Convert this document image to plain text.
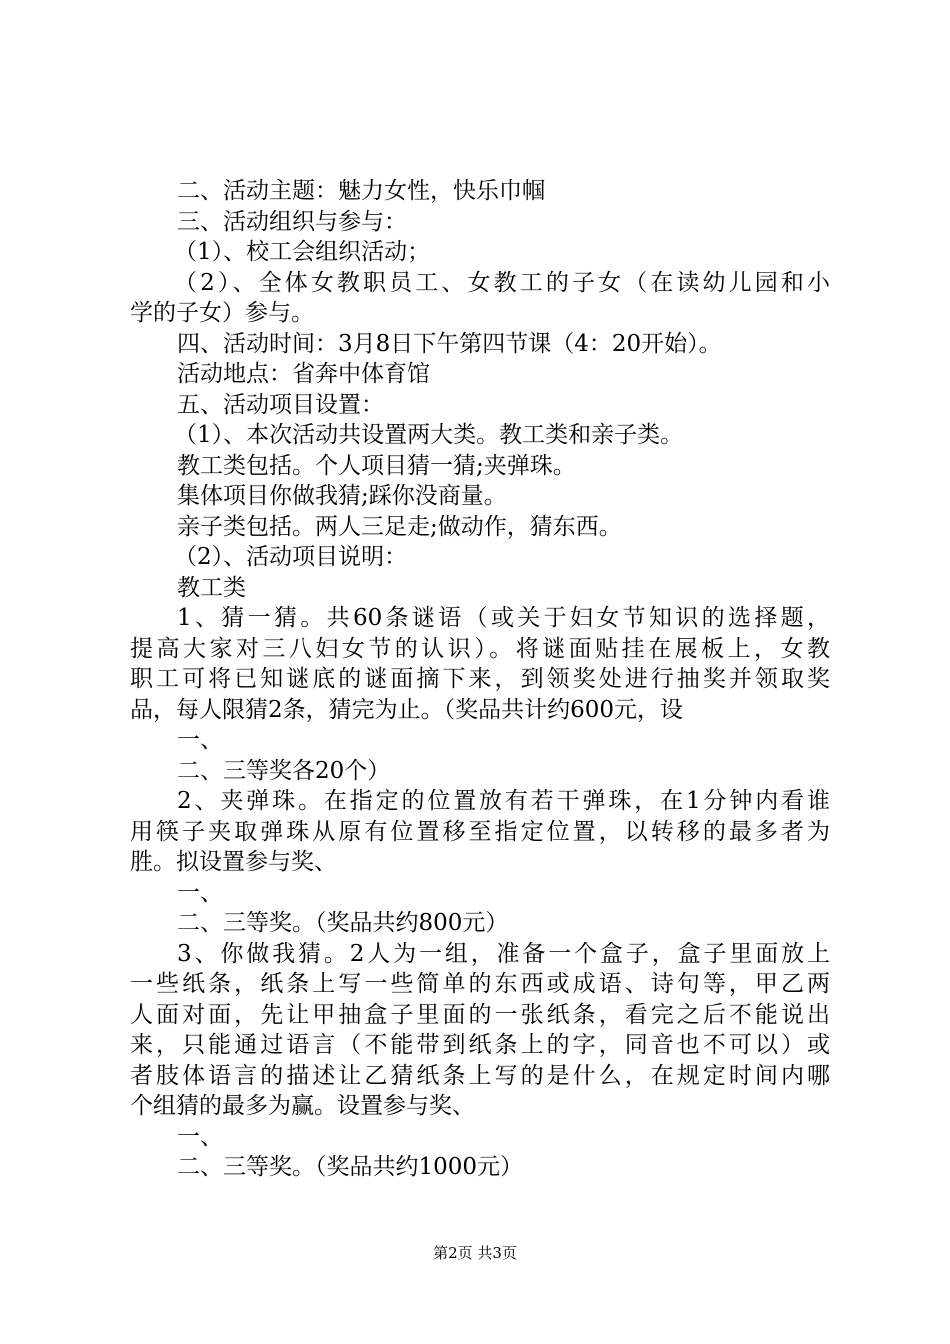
二、活动主题：魅力女性，快乐巾帼
三、活动组织与参与：
（1）、校工会组织活动；
（2）、全体女教职员工、女教工的子女（在读幼儿园和小
学的子女）参与。
四、活动时间：3月8日下午第四节课（4：20开始）。
活动地点：省奔中体育馆
五、活动项目设置：
（1）、本次活动共设置两大类。教工类和亲子类。
教工类包括。个人项目猜一猜;夹弹珠。
集体项目你做我猜;踩你没商量。
亲子类包括。两人三足走;做动作，猜东西。
（2）、活动项目说明：
教工类
1、猜一猜。共60条谜语（或关于妇女节知识的选择题，
提高大家对三八妇女节的认识）。将谜面贴挂在展板上，女教
职工可将已知谜底的谜面摘下来，到领奖处进行抽奖并领取奖
品，每人限猜2条，猜完为止。（奖品共计约600元，设
一、
二、三等奖各20个）
2、夹弹珠。在指定的位置放有若干弹珠，在1分钟内看谁
用筷子夹取弹珠从原有位置移至指定位置，以转移的最多者为
胜。拟设置参与奖、
一、
二、三等奖。（奖品共约800元）
3、你做我猜。2人为一组，准备一个盒子，盒子里面放上
一些纸条，纸条上写一些简单的东西或成语、诗句等，甲乙两
人面对面，先让甲抽盒子里面的一张纸条，看完之后不能说出
来，只能通过语言（不能带到纸条上的字，同音也不可以）或
者肢体语言的描述让乙猜纸条上写的是什么，在规定时间内哪
个组猜的最多为赢。设置参与奖、
一、
二、三等奖。（奖品共约1000元）
第2页 共3页
